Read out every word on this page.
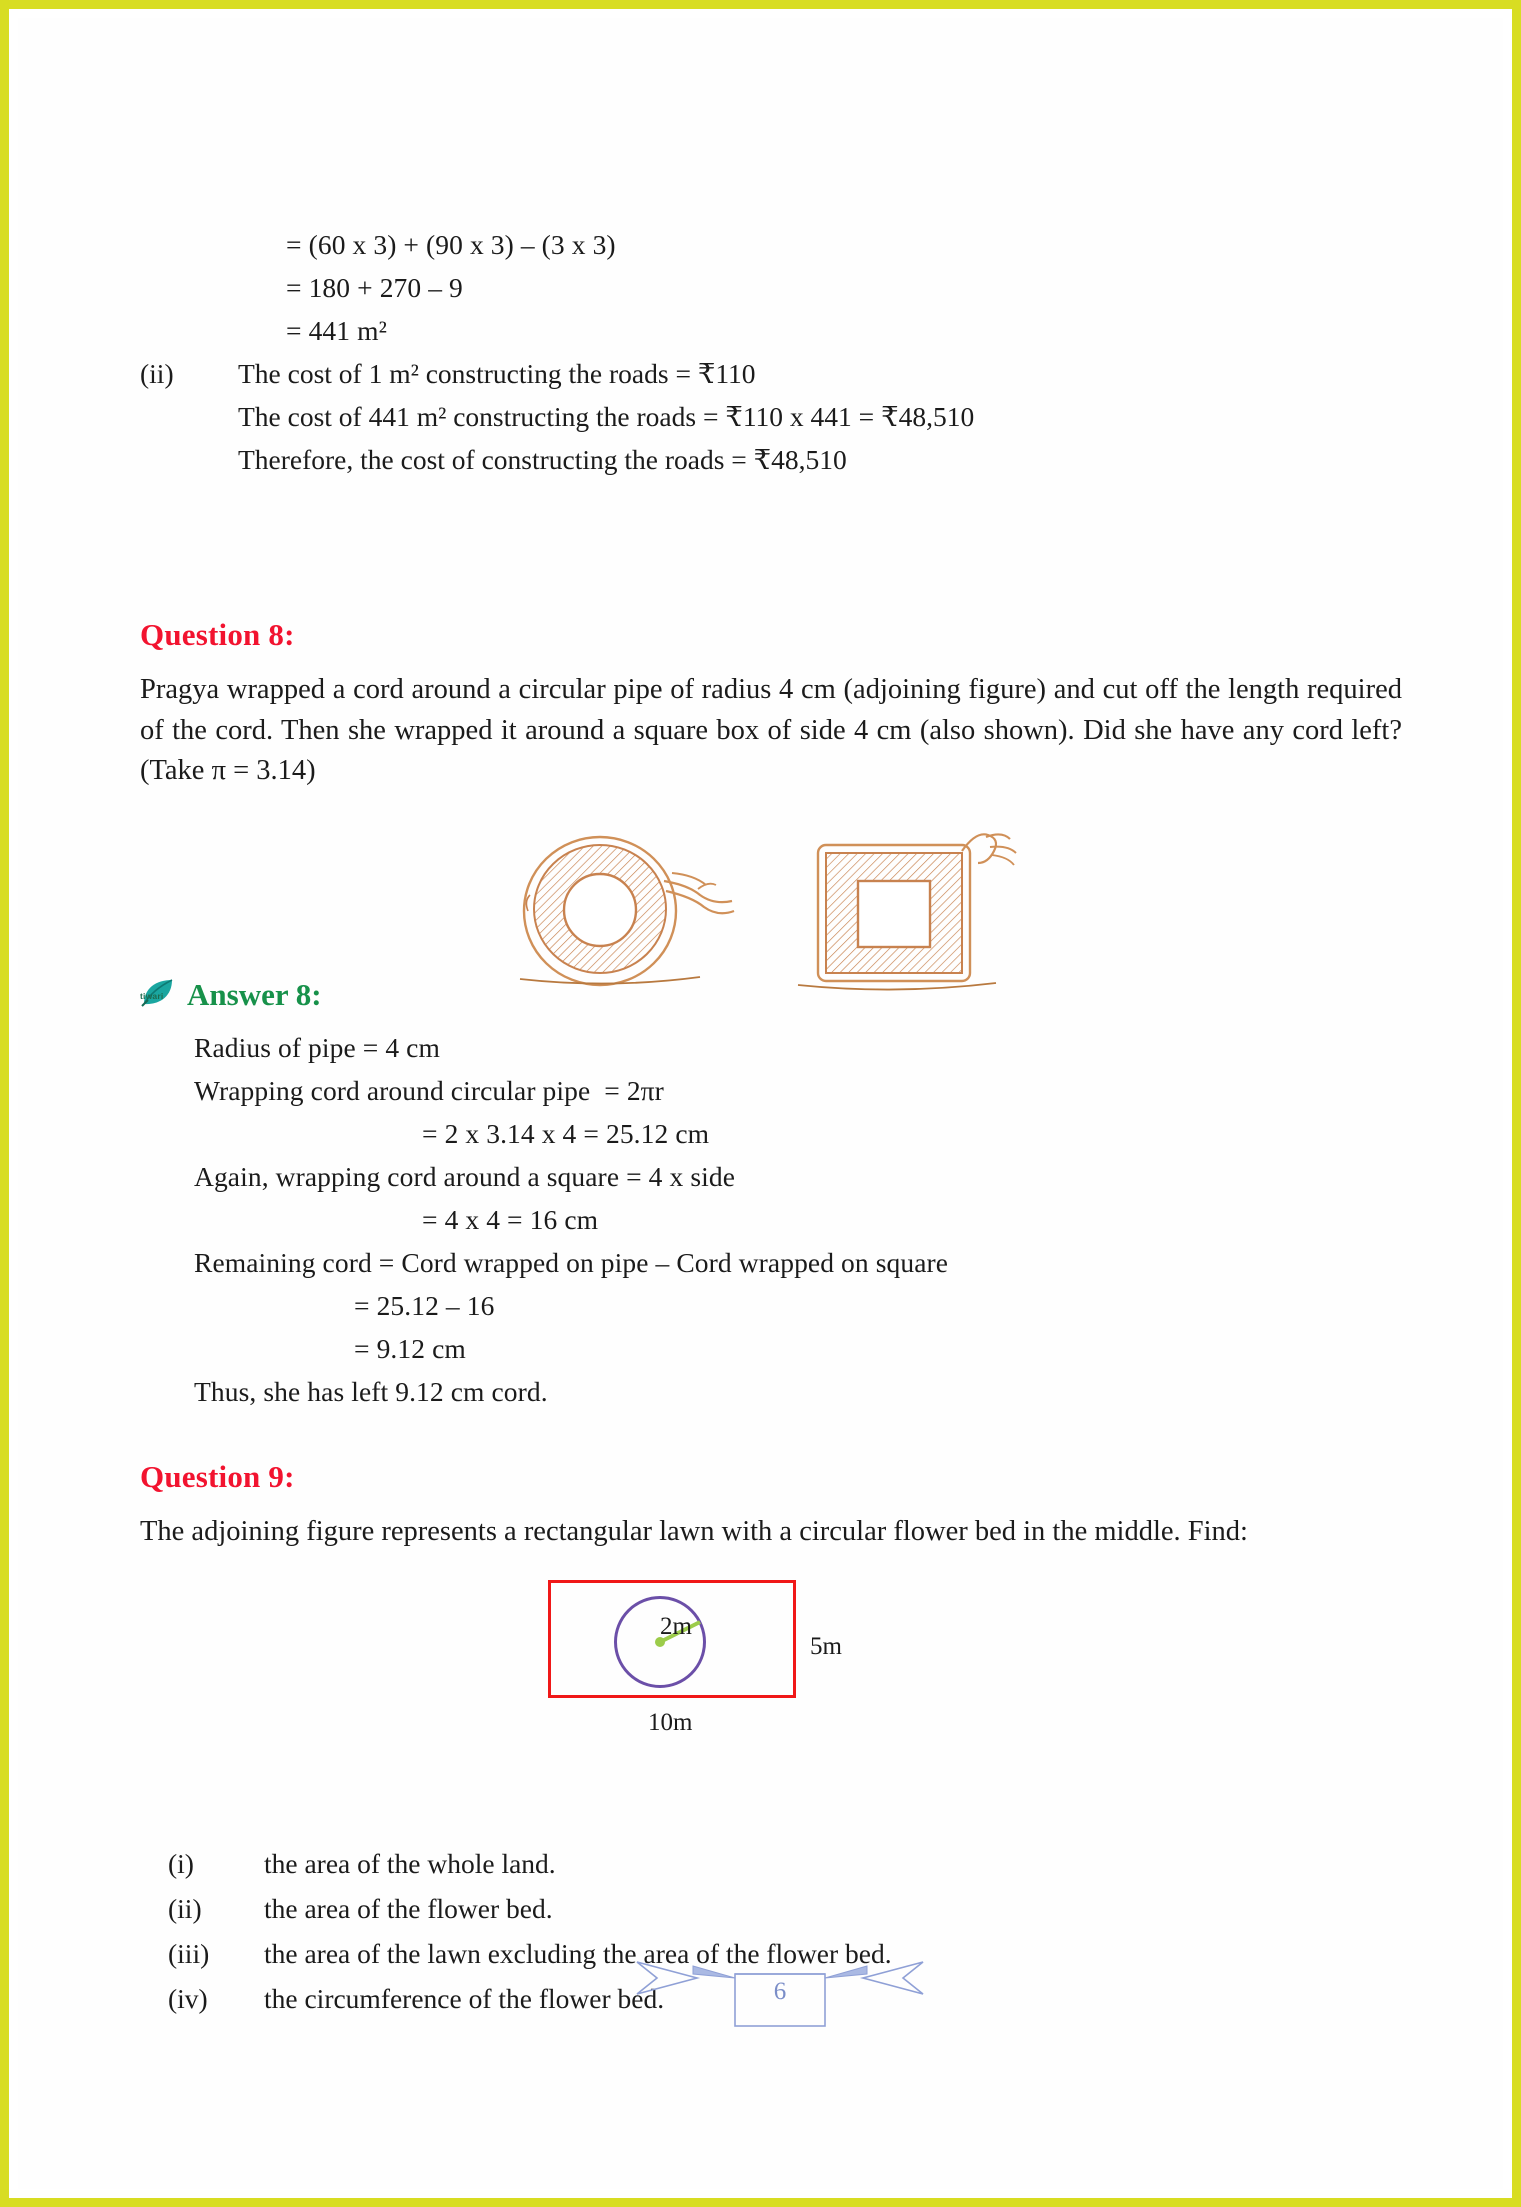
= (60 x 3) + (90 x 3) – (3 x 3)
= 180 + 270 – 9
= 441 m²
(ii)	The cost of 1 m² constructing the roads = ₹110
The cost of 441 m² constructing the roads = ₹110 x 441 = ₹48,510
Therefore, the cost of constructing the roads = ₹48,510
Question 8:
Pragya wrapped a cord around a circular pipe of radius 4 cm (adjoining figure) and cut off the length required of the cord. Then she wrapped it around a square box of side 4 cm (also shown). Did she have any cord left? (Take π = 3.14)
tiwari Answer 8:
Radius of pipe = 4 cm
Wrapping cord around circular pipe  = 2πr
= 2 x 3.14 x 4 = 25.12 cm
Again, wrapping cord around a square = 4 x side
= 4 x 4 = 16 cm
Remaining cord = Cord wrapped on pipe – Cord wrapped on square
= 25.12 – 16
= 9.12 cm
Thus, she has left 9.12 cm cord.
Question 9:
The adjoining figure represents a rectangular lawn with a circular flower bed in the middle. Find:
2m
5m
10m
(i)	the area of the whole land.
(ii)	the area of the flower bed.
(iii)	the area of the lawn excluding the area of the flower bed.
(iv)	the circumference of the flower bed.	6
